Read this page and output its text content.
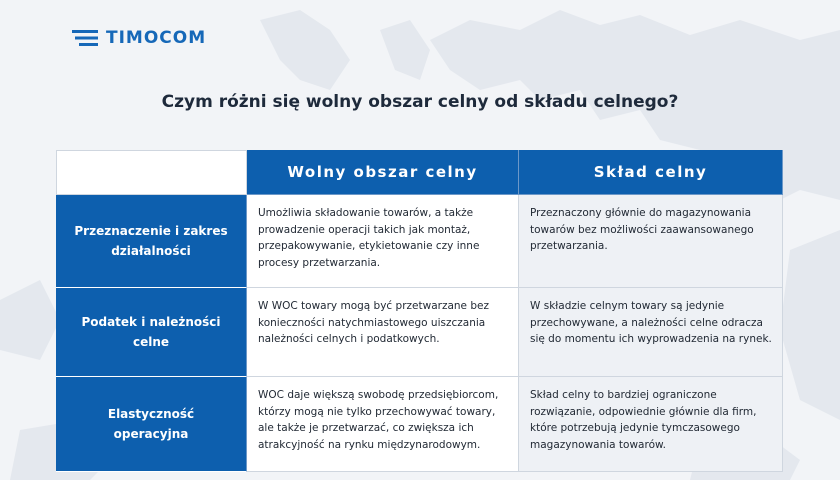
TIMOCOM
Czym różni się wolny obszar celny od składu celnego?
Wolny obszar celny	Skład celny
Przeznaczenie i zakres działalności
Umożliwia składowanie towarów, a także prowadzenie operacji takich jak montaż, przepakowywanie, etykietowanie czy inne procesy przetwarzania.
Przeznaczony głównie do magazynowania towarów bez możliwości zaawansowanego przetwarzania.
Podatek i należności celne
W WOC towary mogą być przetwarzane bez konieczności natychmiastowego uiszczania należności celnych i podatkowych.
W składzie celnym towary są jedynie przechowywane, a należności celne odracza się do momentu ich wyprowadzenia na rynek.
Elastyczność operacyjna
WOC daje większą swobodę przedsiębiorcom, którzy mogą nie tylko przechowywać towary, ale także je przetwarzać, co zwiększa ich atrakcyjność na rynku międzynarodowym.
Skład celny to bardziej ograniczone rozwiązanie, odpowiednie głównie dla firm, które potrzebują jedynie tymczasowego magazynowania towarów.
